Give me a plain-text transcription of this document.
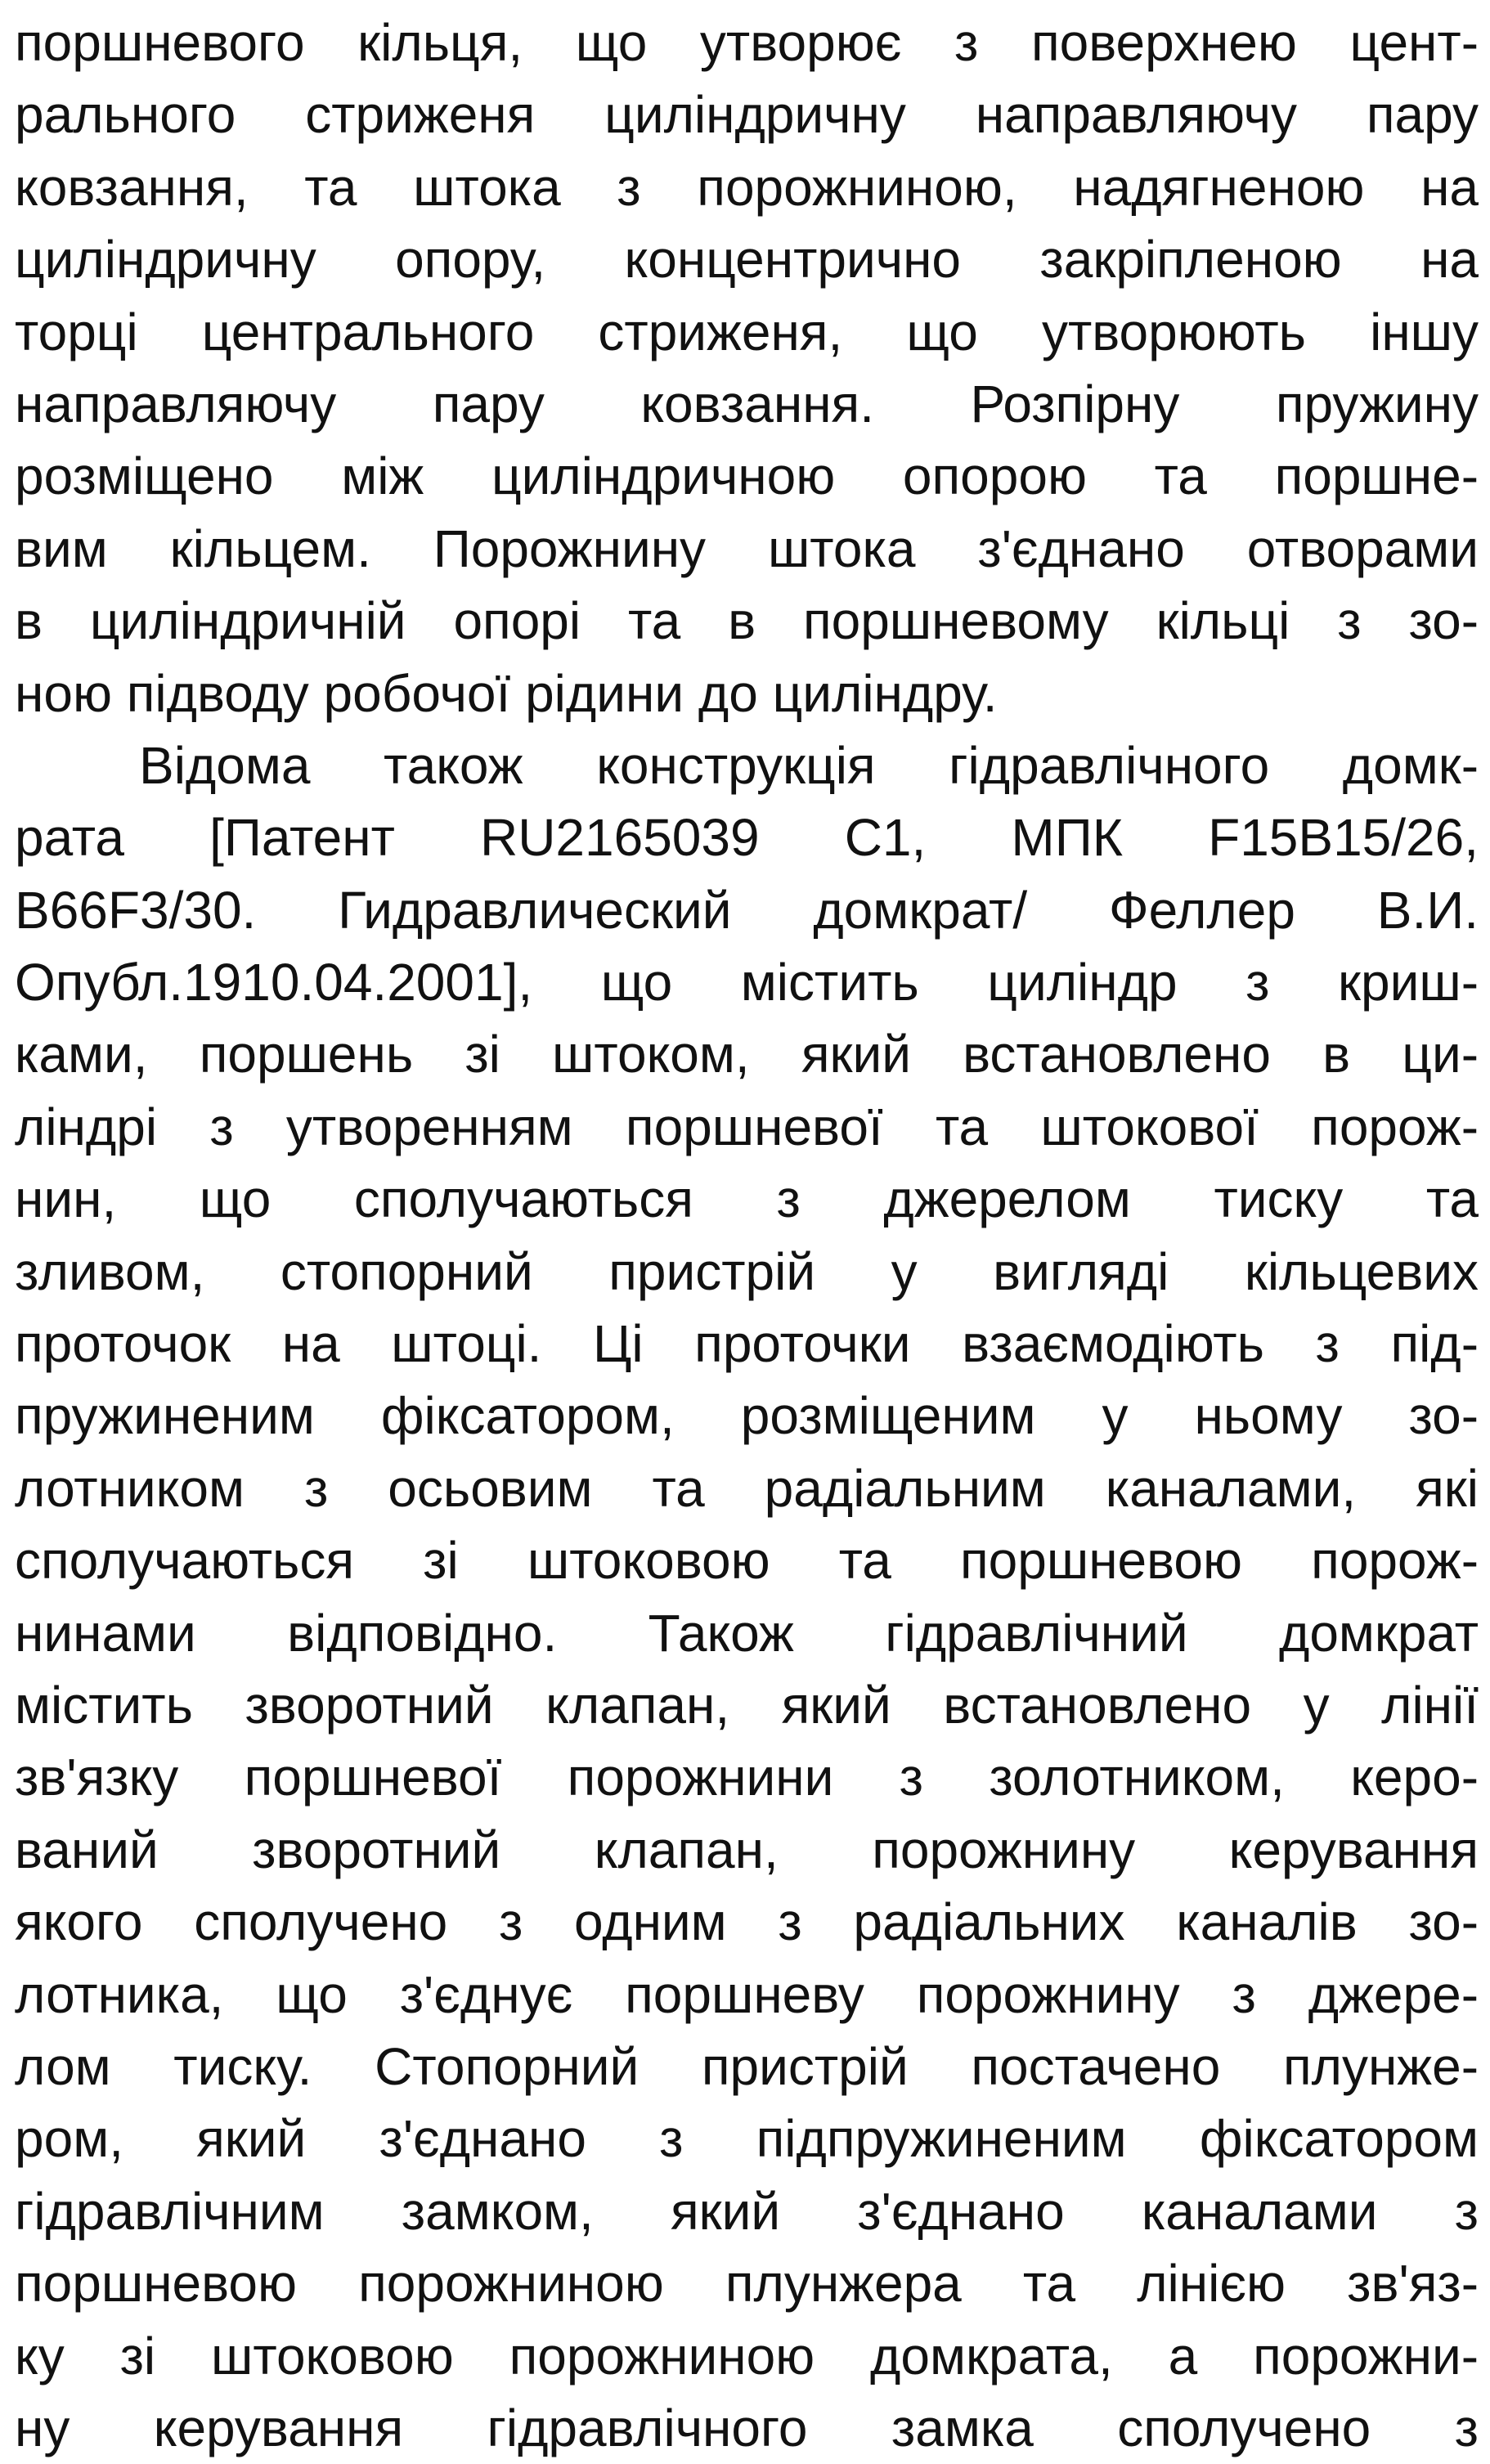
поршневого кільця, що утворює з поверхнею цент-
рального стриженя циліндричну направляючу пару
ковзання, та штока з порожниною, надягненою на
циліндричну опору, концентрично закріпленою на
торці центрального стриженя, що утворюють іншу
направляючу пару ковзання. Розпірну пружину
розміщено між циліндричною опорою та поршне-
вим кільцем. Порожнину штока з'єднано отворами
в циліндричній опорі та в поршневому кільці з зо-
ною підводу робочої рідини до циліндру.
Відома також конструкція гідравлічного домк-
рата [Патент RU2165039 С1, МПК F15B15/26,
В66F3/30. Гидравлический домкрат/ Феллер В.И.
Опубл.1910.04.2001], що містить циліндр з криш-
ками, поршень зі штоком, який встановлено в ци-
ліндрі з утворенням поршневої та штокової порож-
нин, що сполучаються з джерелом тиску та
зливом, стопорний пристрій у вигляді кільцевих
проточок на штоці. Ці проточки взаємодіють з під-
пружиненим фіксатором, розміщеним у ньому зо-
лотником з осьовим та радіальним каналами, які
сполучаються зі штоковою та поршневою порож-
нинами відповідно. Також гідравлічний домкрат
містить зворотний клапан, який встановлено у лінії
зв'язку поршневої порожнини з золотником, керо-
ваний зворотний клапан, порожнину керування
якого сполучено з одним з радіальних каналів зо-
лотника, що з'єднує поршневу порожнину з джере-
лом тиску. Стопорний пристрій постачено плунже-
ром, який з'єднано з підпружиненим фіксатором
гідравлічним замком, який з'єднано каналами з
поршневою порожниною плунжера та лінією зв'яз-
ку зі штоковою порожниною домкрата, а порожни-
ну керування гідравлічного замка сполучено з
